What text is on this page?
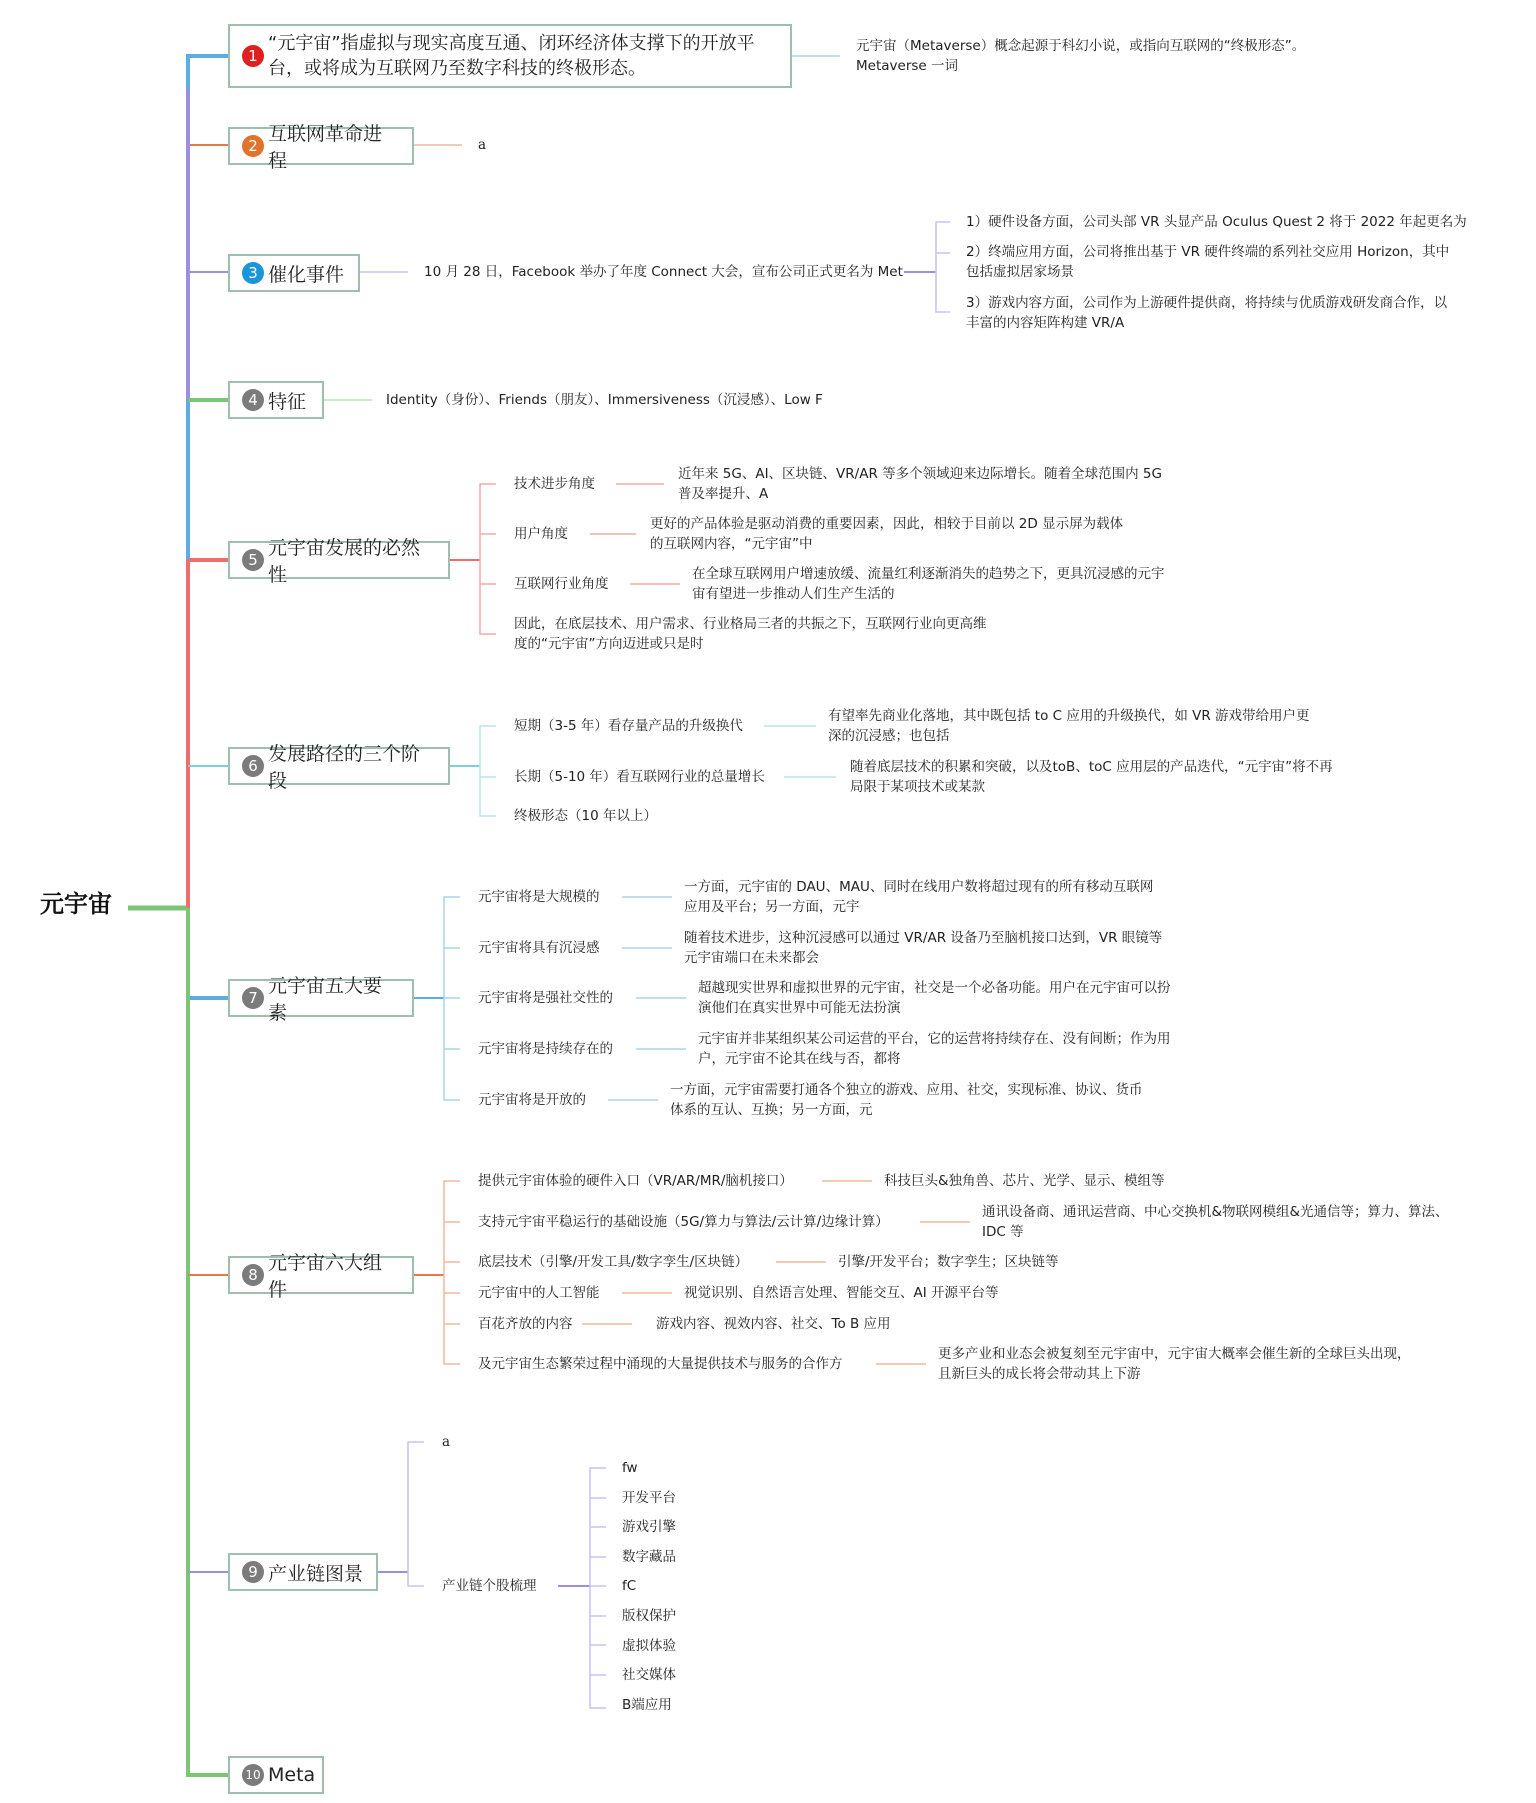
元宇宙
1
“元宇宙”指虚拟与现实高度互通、闭环经济体支撑下的开放平
台，或将成为互联网乃至数字科技的终极形态。
元宇宙（Metaverse）概念起源于科幻小说，或指向互联网的“终极形态”。
Metaverse 一词
2
互联网革命进程
a
3 催化事件	10 月 28 日，Facebook 举办了年度 Connect 大会，宣布公司正式更名为 Met
1）硬件设备方面，公司头部 VR 头显产品 Oculus Quest 2 将于 2022 年起更名为
2）终端应用方面，公司将推出基于 VR 硬件终端的系列社交应用 Horizon，其中
包括虚拟居家场景
3）游戏内容方面，公司作为上游硬件提供商，将持续与优质游戏研发商合作，以
丰富的内容矩阵构建 VR/A
4 特征	Identity（身份）、Friends（朋友）、Immersiveness（沉浸感）、Low F
5
元宇宙发展的必然性
技术进步角度
近年来 5G、AI、区块链、VR/AR 等多个领域迎来边际增长。随着全球范围内 5G
普及率提升、A
用户角度
更好的产品体验是驱动消费的重要因素，因此，相较于目前以 2D 显示屏为载体
的互联网内容，“元宇宙”中
互联网行业角度
在全球互联网用户增速放缓、流量红利逐渐消失的趋势之下，更具沉浸感的元宇
宙有望进一步推动人们生产生活的
因此，在底层技术、用户需求、行业格局三者的共振之下，互联网行业向更高维
度的“元宇宙”方向迈进或只是时
6
发展路径的三个阶段
短期（3-5 年）看存量产品的升级换代
有望率先商业化落地，其中既包括 to C 应用的升级换代，如 VR 游戏带给用户更
深的沉浸感；也包括
长期（5-10 年）看互联网行业的总量增长
随着底层技术的积累和突破，以及toB、toC 应用层的产品迭代，“元宇宙”将不再
局限于某项技术或某款
终极形态（10 年以上）
7
元宇宙五大要素
元宇宙将是大规模的
一方面，元宇宙的 DAU、MAU、同时在线用户数将超过现有的所有移动互联网
应用及平台；另一方面，元宇
元宇宙将具有沉浸感
随着技术进步，这种沉浸感可以通过 VR/AR 设备乃至脑机接口达到，VR 眼镜等
元宇宙端口在未来都会
元宇宙将是强社交性的
超越现实世界和虚拟世界的元宇宙，社交是一个必备功能。用户在元宇宙可以扮
演他们在真实世界中可能无法扮演
元宇宙将是持续存在的
元宇宙并非某组织某公司运营的平台，它的运营将持续存在、没有间断；作为用
户，元宇宙不论其在线与否，都将
元宇宙将是开放的
一方面，元宇宙需要打通各个独立的游戏、应用、社交，实现标准、协议、货币
体系的互认、互换；另一方面，元
8
元宇宙六大组件
提供元宇宙体验的硬件入口（VR/AR/MR/脑机接口）	科技巨头&独角兽、芯片、光学、显示、模组等
支持元宇宙平稳运行的基础设施（5G/算力与算法/云计算/边缘计算）
通讯设备商、通讯运营商、中心交换机&物联网模组&光通信等；算力、算法、
IDC 等
底层技术（引擎/开发工具/数字孪生/区块链）	引擎/开发平台；数字孪生；区块链等
元宇宙中的人工智能	视觉识别、自然语言处理、智能交互、AI 开源平台等
百花齐放的内容	游戏内容、视效内容、社交、To B 应用
及元宇宙生态繁荣过程中涌现的大量提供技术与服务的合作方
更多产业和业态会被复刻至元宇宙中，元宇宙大概率会催生新的全球巨头出现，
且新巨头的成长将会带动其上下游
9 产业链图景
a
产业链个股梳理
fw
开发平台
游戏引擎
数字藏品
fC
版权保护
虚拟体验
社交媒体
B端应用
10 Meta
